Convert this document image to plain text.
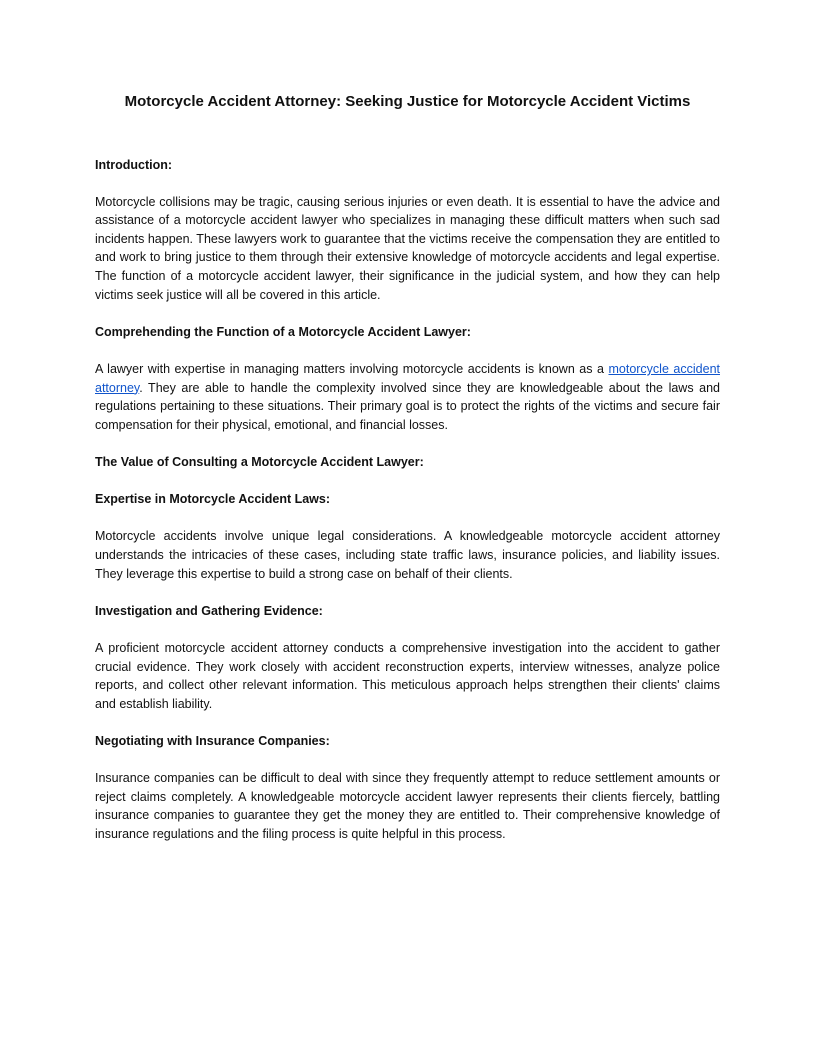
Motorcycle Accident Attorney: Seeking Justice for Motorcycle Accident Victims
Introduction:

Motorcycle collisions may be tragic, causing serious injuries or even death. It is essential to have the advice and assistance of a motorcycle accident lawyer who specializes in managing these difficult matters when such sad incidents happen. These lawyers work to guarantee that the victims receive the compensation they are entitled to and work to bring justice to them through their extensive knowledge of motorcycle accidents and legal expertise. The function of a motorcycle accident lawyer, their significance in the judicial system, and how they can help victims seek justice will all be covered in this article.

Comprehending the Function of a Motorcycle Accident Lawyer:

A lawyer with expertise in managing matters involving motorcycle accidents is known as a motorcycle accident attorney. They are able to handle the complexity involved since they are knowledgeable about the laws and regulations pertaining to these situations. Their primary goal is to protect the rights of the victims and secure fair compensation for their physical, emotional, and financial losses.

The Value of Consulting a Motorcycle Accident Lawyer:
Expertise in Motorcycle Accident Laws:

Motorcycle accidents involve unique legal considerations. A knowledgeable motorcycle accident attorney understands the intricacies of these cases, including state traffic laws, insurance policies, and liability issues. They leverage this expertise to build a strong case on behalf of their clients.

Investigation and Gathering Evidence:

A proficient motorcycle accident attorney conducts a comprehensive investigation into the accident to gather crucial evidence. They work closely with accident reconstruction experts, interview witnesses, analyze police reports, and collect other relevant information. This meticulous approach helps strengthen their clients' claims and establish liability.

Negotiating with Insurance Companies:

Insurance companies can be difficult to deal with since they frequently attempt to reduce settlement amounts or reject claims completely. A knowledgeable motorcycle accident lawyer represents their clients fiercely, battling insurance companies to guarantee they get the money they are entitled to. Their comprehensive knowledge of insurance regulations and the filing process is quite helpful in this process.
